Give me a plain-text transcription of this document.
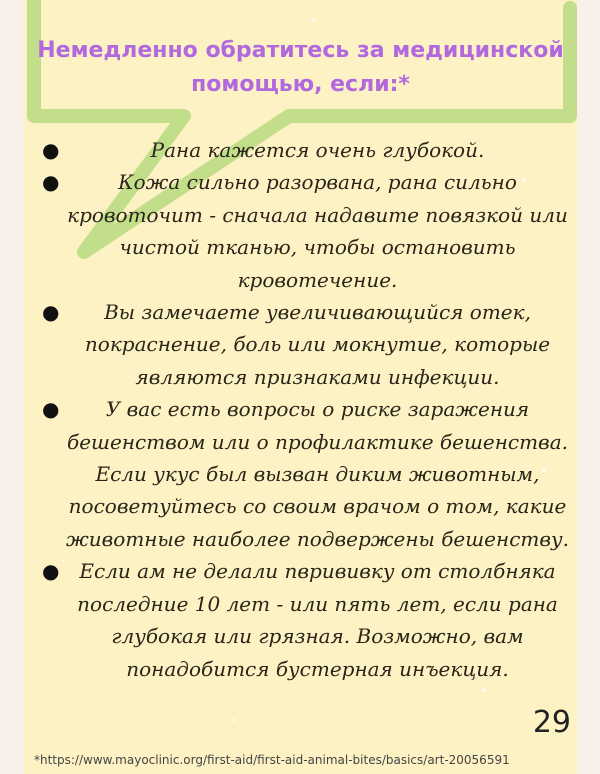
Немедленно обратитесь за медицинской помощью, если:*
●	Рана кажется очень глубокой.
●	Кожа сильно разорвана, рана сильно кровоточит - сначала надавите повязкой или чистой тканью, чтобы остановить кровотечение.
● Вы замечаете увеличивающийся отек, покраснение, боль или мокнутие, которые являются признаками инфекции.
● У вас есть вопросы о риске заражения бешенством или о профилактике бешенства. Если укус был вызван диким животным, посоветуйтесь со своим врачом о том, какие животные наиболее подвержены бешенству.
● Если ам не делали пврививку от столбняка последние 10 лет - или пять лет, если рана глубокая или грязная. Возможно, вам понадобится бустерная инъекция.
29
*https://www.mayoclinic.org/first-aid/first-aid-animal-bites/basics/art-20056591
